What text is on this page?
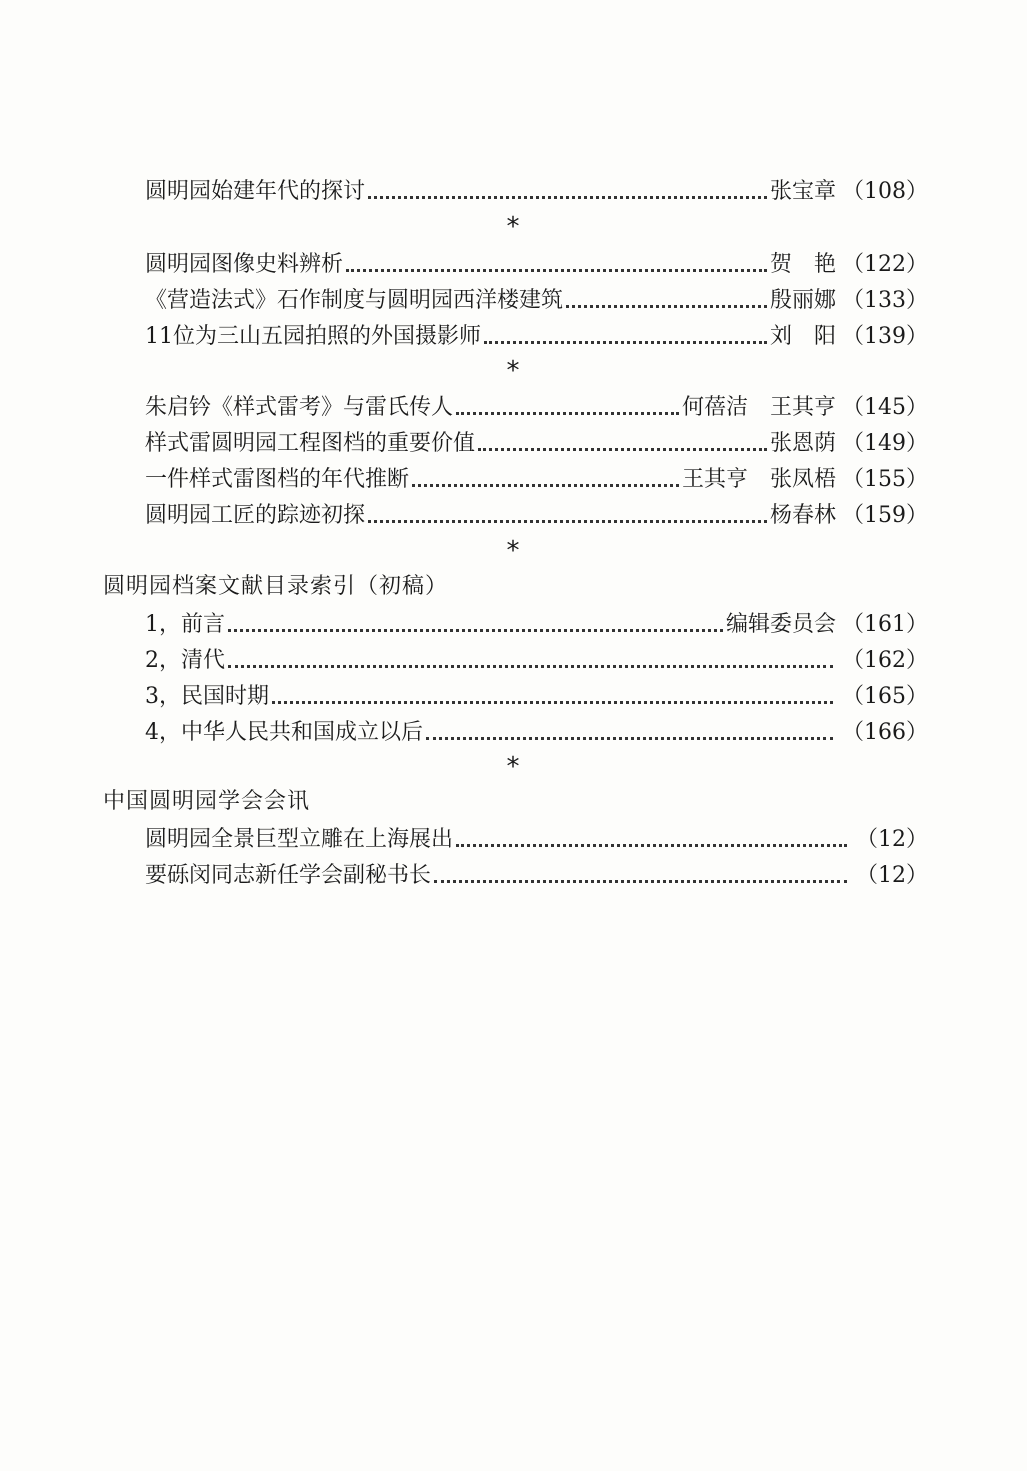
圆明园始建年代的探讨	张宝章 （108）
*
圆明园图像史料辨析	贺　艳 （122）
《营造法式》石作制度与圆明园西洋楼建筑	殷丽娜 （133）
11位为三山五园拍照的外国摄影师	刘　阳 （139）
*
朱启钤《样式雷考》与雷氏传人	何蓓洁　王其亨 （145）
样式雷圆明园工程图档的重要价值	张恩荫 （149）
一件样式雷图档的年代推断	王其亨　张凤梧 （155）
圆明园工匠的踪迹初探	杨春林 （159）
*
圆明园档案文献目录索引（初稿）
1，前言	编辑委员会 （161）
2，清代	（162）
3，民国时期	（165）
4，中华人民共和国成立以后	（166）
*
中国圆明园学会会讯
圆明园全景巨型立雕在上海展出	（12）
要砾闵同志新任学会副秘书长	（12）
